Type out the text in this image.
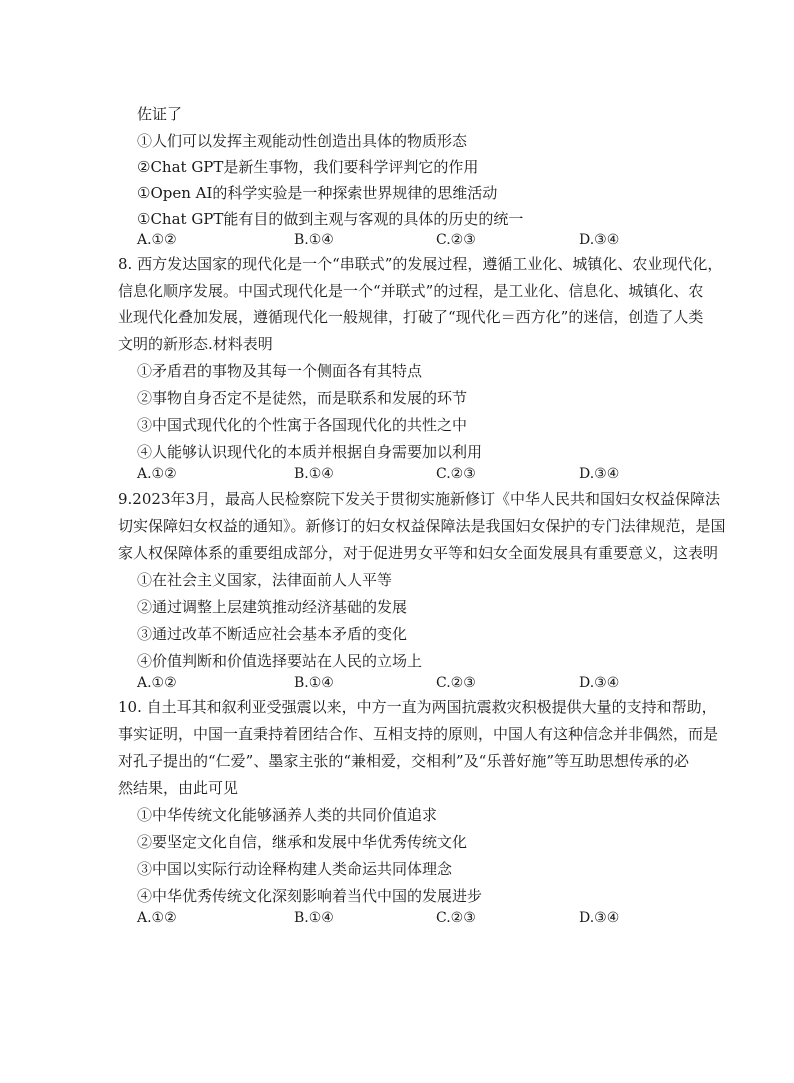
佐证了
①人们可以发挥主观能动性创造出具体的物质形态
②Chat GPT是新生事物，我们要科学评判它的作用
①Open AI的科学实验是一种探索世界规律的思维活动
①Chat GPT能有目的做到主观与客观的具体的历史的统一
A.①②	B.①④	C.②③	D.③④
8. 西方发达国家的现代化是一个“串联式”的发展过程，遵循工业化、城镇化、农业现代化，
信息化顺序发展。中国式现代化是一个“并联式”的过程，是工业化、信息化、城镇化、农
业现代化叠加发展，遵循现代化一般规律，打破了“现代化＝西方化”的迷信，创造了人类
文明的新形态.材料表明
①矛盾君的事物及其每一个侧面各有其特点
②事物自身否定不是徒然，而是联系和发展的环节
③中国式现代化的个性寓于各国现代化的共性之中
④人能够认识现代化的本质并根据自身需要加以利用
A.①②	B.①④	C.②③	D.③④
9.2023年3月，最高人民检察院下发关于贯彻实施新修订《中华人民共和国妇女权益保障法
切实保障妇女权益的通知》。新修订的妇女权益保障法是我国妇女保护的专门法律规范，是国
家人权保障体系的重要组成部分，对于促进男女平等和妇女全面发展具有重要意义，这表明
①在社会主义国家，法律面前人人平等
②通过调整上层建筑推动经济基础的发展
③通过改革不断适应社会基本矛盾的变化
④价值判断和价值选择要站在人民的立场上
A.①②	B.①④	C.②③	D.③④
10. 自土耳其和叙利亚受强震以来，中方一直为两国抗震救灾积极提供大量的支持和帮助，
事实证明，中国一直秉持着团结合作、互相支持的原则，中国人有这种信念并非偶然，而是
对孔子提出的“仁爱”、墨家主张的“兼相爱，交相利”及“乐普好施”等互助思想传承的必
然结果，由此可见
①中华传统文化能够涵养人类的共同价值追求
②要坚定文化自信，继承和发展中华优秀传统文化
③中国以实际行动诠释构建人类命运共同体理念
④中华优秀传统文化深刻影响着当代中国的发展进步
A.①②	B.①④	C.②③	D.③④
